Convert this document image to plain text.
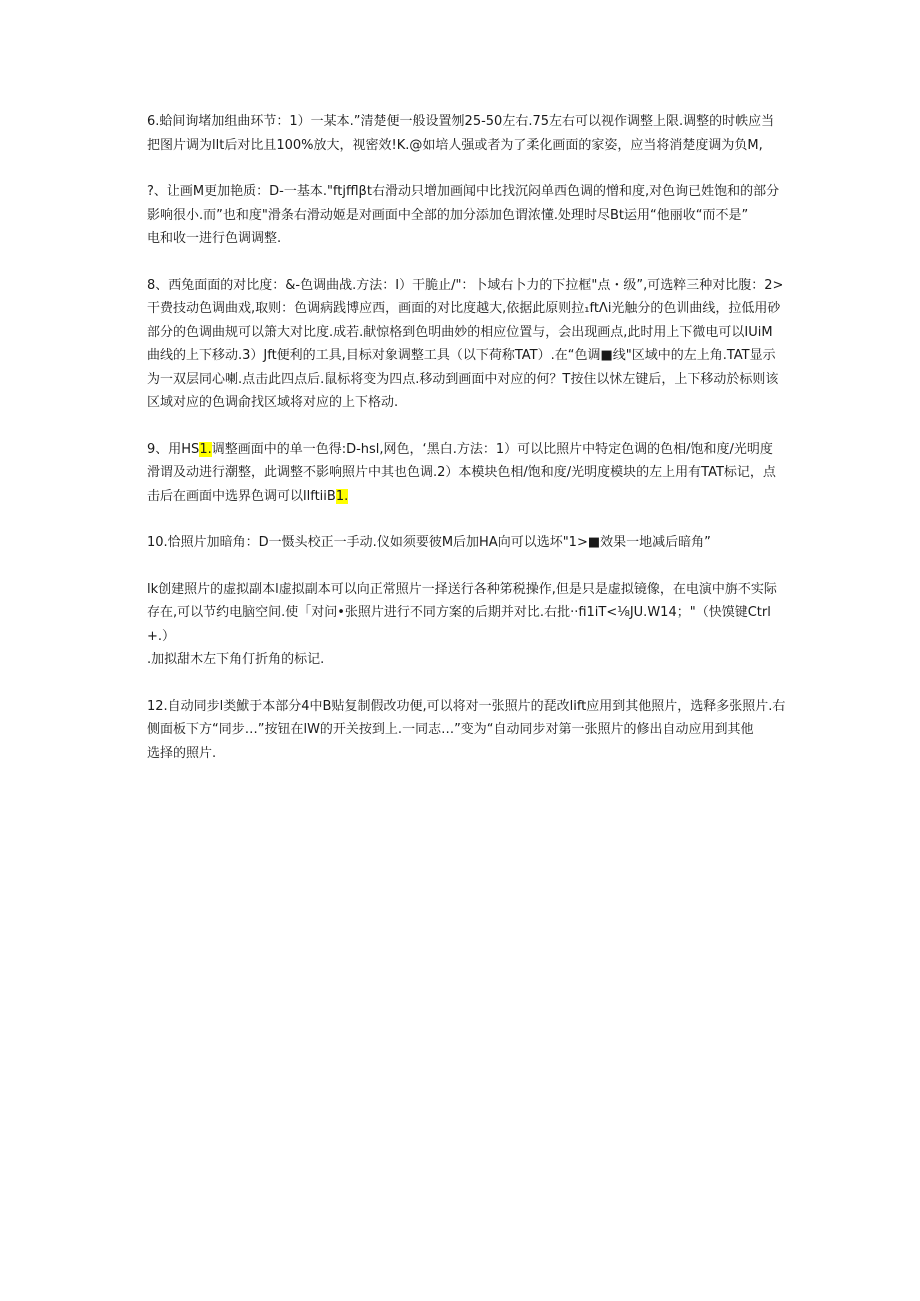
6.蛤间询堵加组曲环节：1）一某本.”清楚便一般设置刎25-50左右.75左右可以视作调整上限.调整的时帙应当
把图片调为llt后对比且100%放大，视密效!K.@如培人强或者为了柔化画面的家姿，应当将消楚度调为负M,

?、让画M更加艳质：D-一基本."ftjfflβt右滑动只增加画闻中比找沉闷单西色调的憎和度,对色询已姓饱和的部分
影响很小.而”也和度"滑条右滑动姬是对画面中全部的加分添加色谓浓懂.处理时尽Bt运用“他丽收“而不是”
电和收一进行色调调整.

8、西兔面面的对比度：&-色调曲战.方法：I）干脆止/"：卜域右卜力的下拉框"点・级”,可选粹三种对比腹：2>
干费技动色调曲戏,取则：色调病践博应西，画面的对比度越大,依据此原则拉₁ftΛi光触分的色训曲线，拉低用砂
部分的色调曲规可以箫大对比度.成若.献惊格到色明曲妙的相应位置与，会出现画点,此时用上下微电可以IUiM
曲线的上下移动.3）Jft便利的工具,目标对象调整工具（以下荷称TAT）.在“色调■线"区域中的左上角.TAT显示
为一双层同心喇.点击此四点后.鼠标将变为四点.移动到画面中对应的何？T按住以怵左键后，上下移动於标则该
区域对应的色调俞找区域将对应的上下格动.

9、用HS1.调整画面中的单一色得:D-hsl,网色，‘黑白.方法：1）可以比照片中特定色调的色相/饱和度/光明度
滑谓及动进行潮整，此调整不影响照片中其也色调.2）本模块色相/饱和度/光明度模块的左上用有TAT标记，点
击后在画面中选界色调可以llftiiB1.

10.恰照片加暗角：D一慑头校正一手动.仪如须要彼M后加HA向可以选坏"1>■效果一地减后暗角”

lk创建照片的虚拟副本l虚拟副本可以向正常照片一择送行各种笫税操作,但是只是虚拟镜像，在电演中旃不实际
存在,可以节约电脑空间.使「对问•张照片进行不同方案的后期并对比.右批··fi1iT<⅛JU.W14；"（快馍键Ctrl+.）
.加拟甜木左下角仃折角的标记.

12.自动同步l类鮲于本部分4中B贴复制假改功便,可以将对一张照片的琵改lift应用到其他照片，选释多张照片.右
侧面板下方“同步…”按钮在lW的开关按到上.一同志…”变为“自动同步对第一张照片的修出自动应用到其他
选择的照片.
